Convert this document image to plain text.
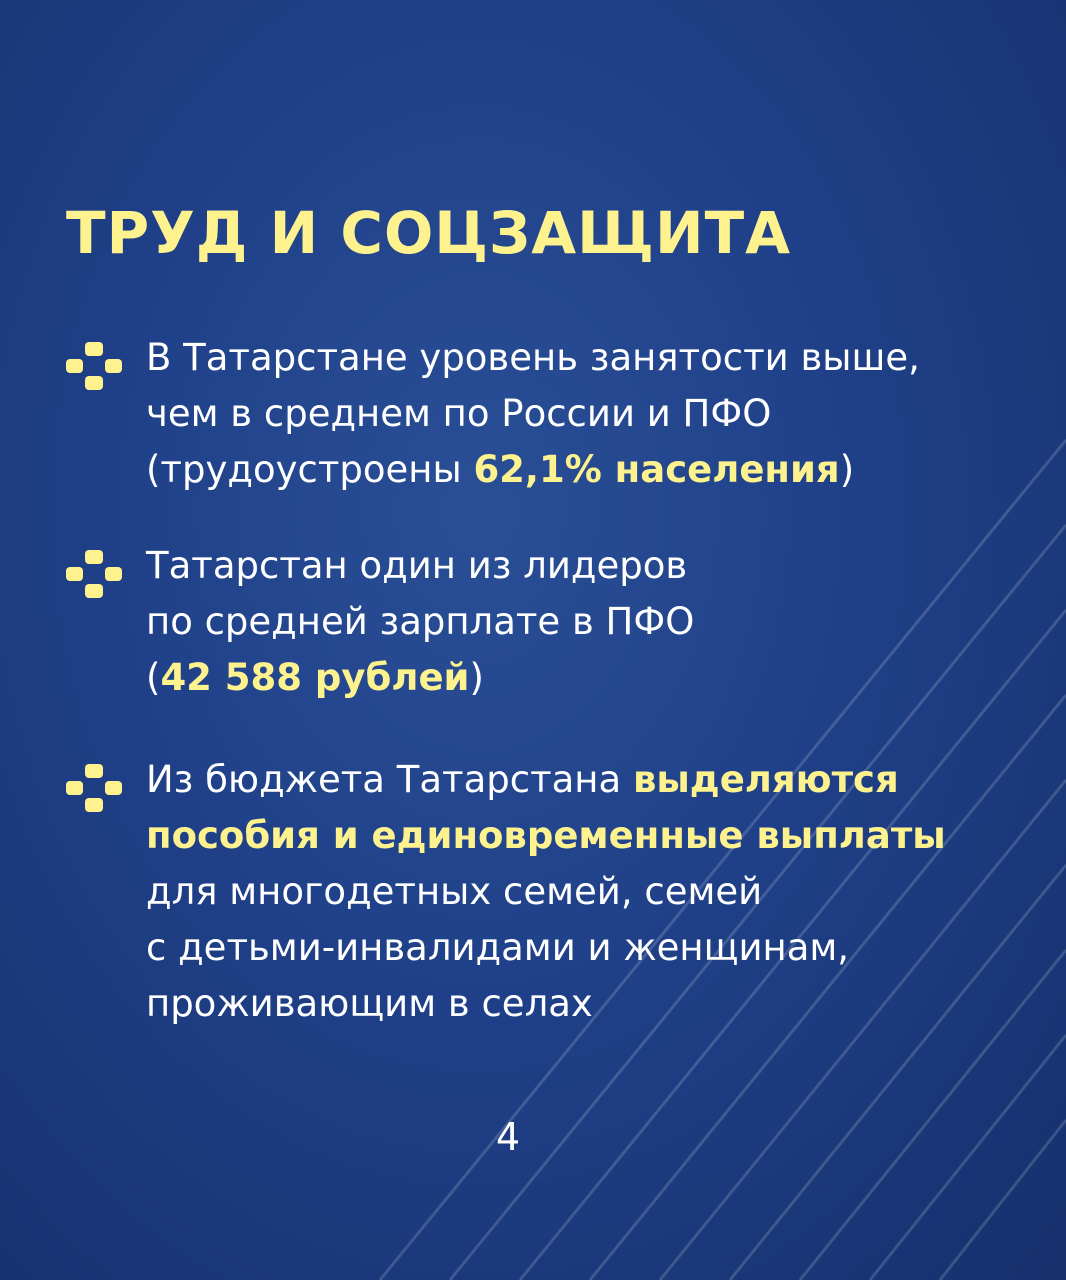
ТРУД И СОЦЗАЩИТА
В Татарстане уровень занятости выше,
чем в среднем по России и ПФО
(трудоустроены 62,1% населения)
Татарстан один из лидеров
по средней зарплате в ПФО
(42 588 рублей)
Из бюджета Татарстана выделяются
пособия и единовременные выплаты
для многодетных семей, семей
с детьми-инвалидами и женщинам,
проживающим в селах
4
